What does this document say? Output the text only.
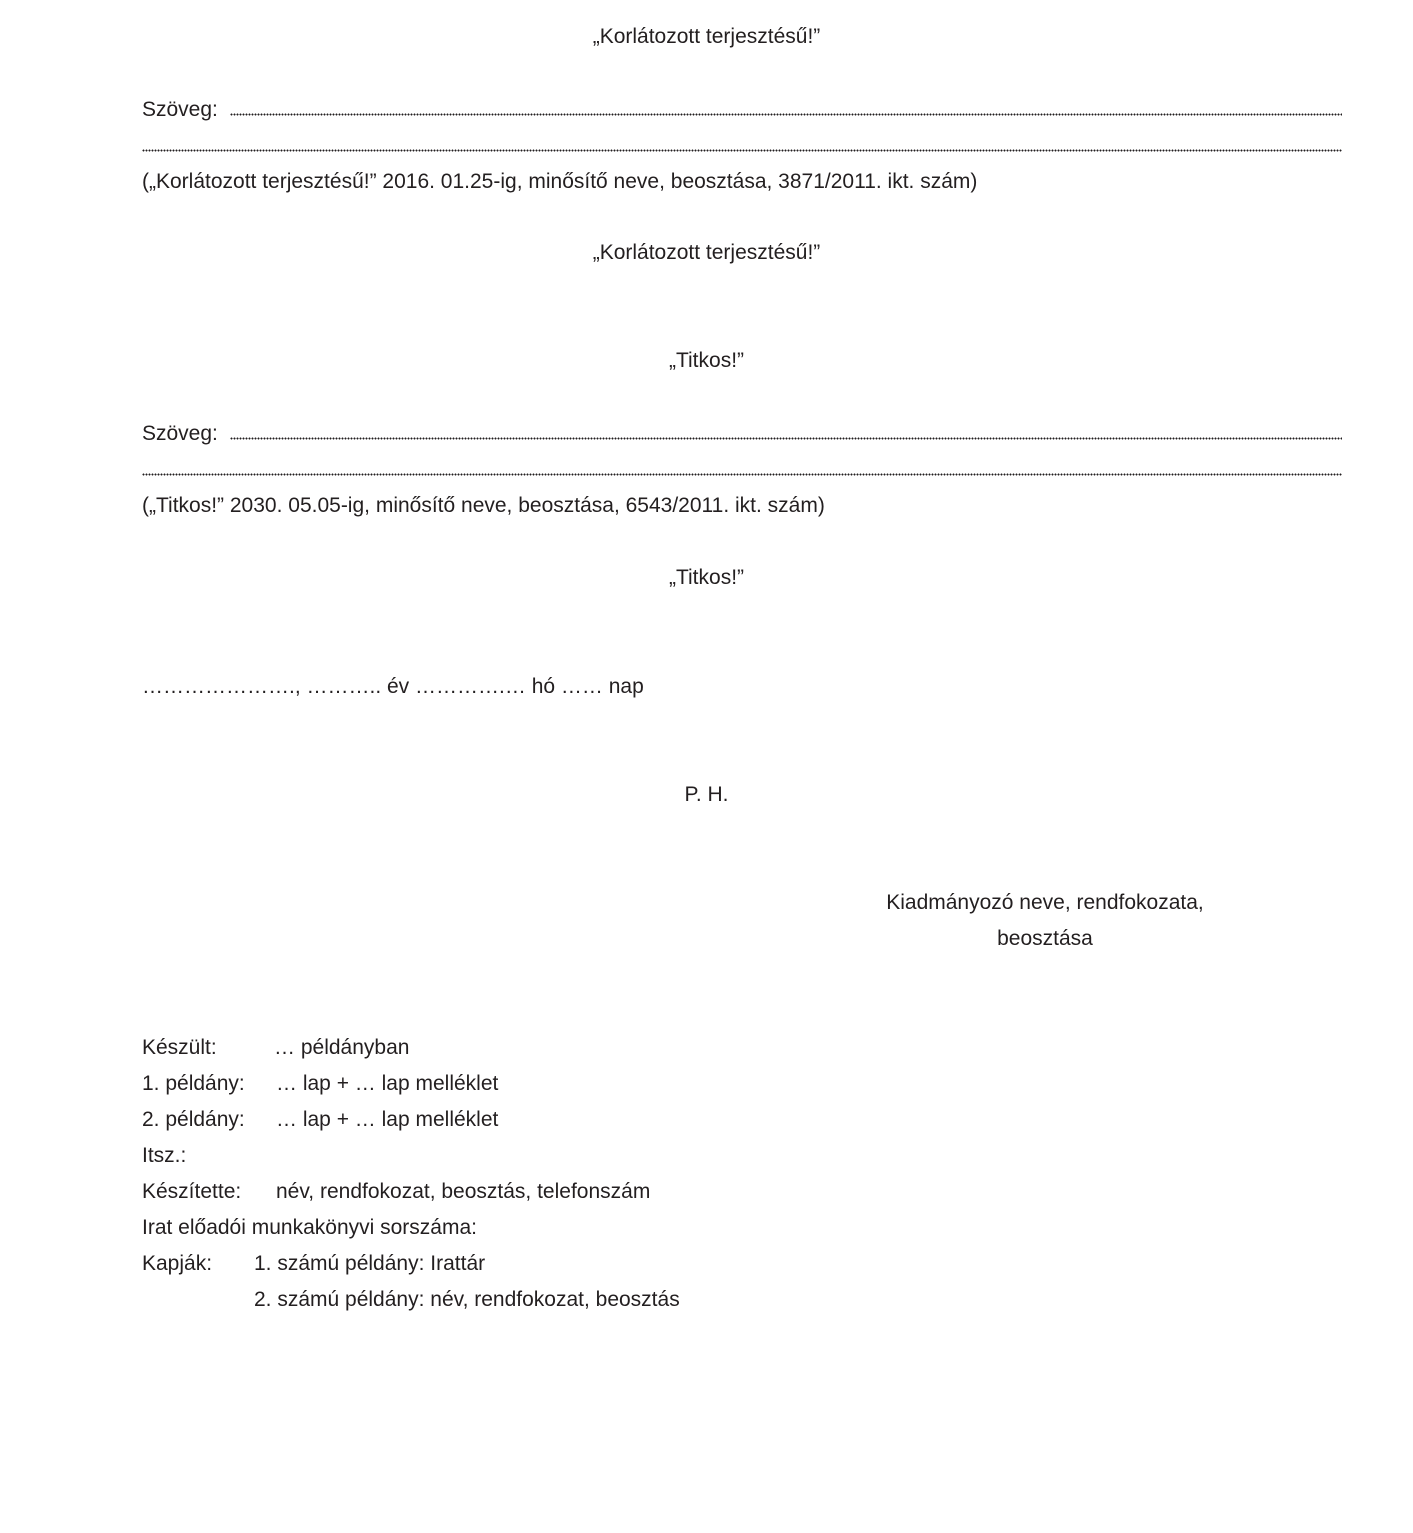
„Korlátozott terjesztésű!”
Szöveg:
(„Korlátozott terjesztésű!” 2016. 01.25-ig, minősítő neve, beosztása, 3871/2011. ikt. szám)
„Korlátozott terjesztésű!”
„Titkos!”
Szöveg:
(„Titkos!” 2030. 05.05-ig, minősítő neve, beosztása, 6543/2011. ikt. szám)
„Titkos!”
…………………., ……….. év ………….… hó …… nap
P. H.
Kiadmányozó neve, rendfokozata,
beosztása
Készült:	… példányban
1. példány: … lap + … lap melléklet
2. példány: … lap + … lap melléklet
Itsz.:
Készítette: név, rendfokozat, beosztás, telefonszám
Irat előadói munkakönyvi sorszáma:
Kapják: 1. számú példány: Irattár
2. számú példány: név, rendfokozat, beosztás
